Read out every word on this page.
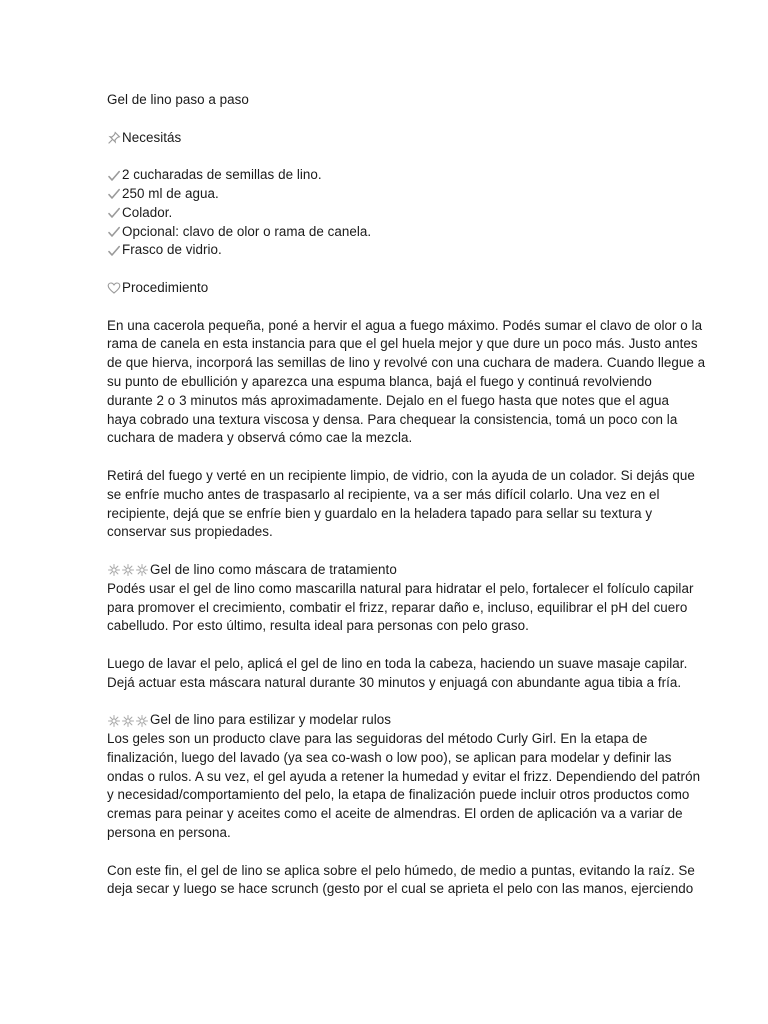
Gel de lino paso a paso
Necesitás
2 cucharadas de semillas de lino.
250 ml de agua.
Colador.
Opcional: clavo de olor o rama de canela.
Frasco de vidrio.
Procedimiento
En una cacerola pequeña, poné a hervir el agua a fuego máximo. Podés sumar el clavo de olor o la
rama de canela en esta instancia para que el gel huela mejor y que dure un poco más. Justo antes
de que hierva, incorporá las semillas de lino y revolvé con una cuchara de madera. Cuando llegue a
su punto de ebullición y aparezca una espuma blanca, bajá el fuego y continuá revolviendo
durante 2 o 3 minutos más aproximadamente. Dejalo en el fuego hasta que notes que el agua
haya cobrado una textura viscosa y densa. Para chequear la consistencia, tomá un poco con la
cuchara de madera y observá cómo cae la mezcla.
Retirá del fuego y verté en un recipiente limpio, de vidrio, con la ayuda de un colador. Si dejás que
se enfríe mucho antes de traspasarlo al recipiente, va a ser más difícil colarlo. Una vez en el
recipiente, dejá que se enfríe bien y guardalo en la heladera tapado para sellar su textura y
conservar sus propiedades.
Gel de lino como máscara de tratamiento
Podés usar el gel de lino como mascarilla natural para hidratar el pelo, fortalecer el folículo capilar
para promover el crecimiento, combatir el frizz, reparar daño e, incluso, equilibrar el pH del cuero
cabelludo. Por esto último, resulta ideal para personas con pelo graso.
Luego de lavar el pelo, aplicá el gel de lino en toda la cabeza, haciendo un suave masaje capilar.
Dejá actuar esta máscara natural durante 30 minutos y enjuagá con abundante agua tibia a fría.
Gel de lino para estilizar y modelar rulos
Los geles son un producto clave para las seguidoras del método Curly Girl. En la etapa de
finalización, luego del lavado (ya sea co-wash o low poo), se aplican para modelar y definir las
ondas o rulos. A su vez, el gel ayuda a retener la humedad y evitar el frizz. Dependiendo del patrón
y necesidad/comportamiento del pelo, la etapa de finalización puede incluir otros productos como
cremas para peinar y aceites como el aceite de almendras. El orden de aplicación va a variar de
persona en persona.
Con este fin, el gel de lino se aplica sobre el pelo húmedo, de medio a puntas, evitando la raíz. Se
deja secar y luego se hace scrunch (gesto por el cual se aprieta el pelo con las manos, ejerciendo
